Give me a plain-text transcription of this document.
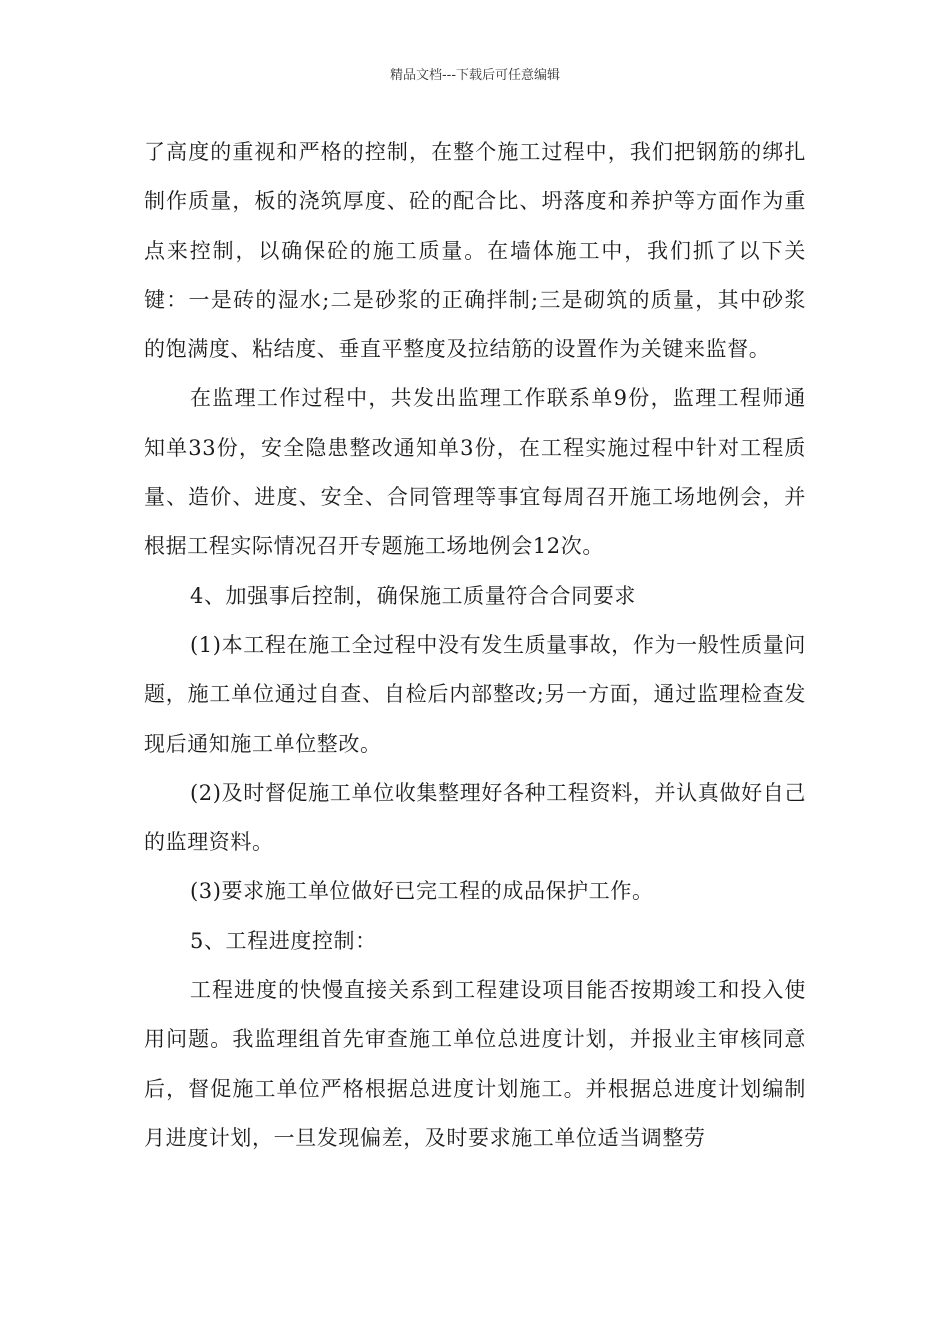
精品文档---下载后可任意编辑

了高度的重视和严格的控制，在整个施工过程中，我们把钢筋的绑扎制作质量，板的浇筑厚度、砼的配合比、坍落度和养护等方面作为重点来控制，以确保砼的施工质量。在墙体施工中，我们抓了以下关键：一是砖的湿水;二是砂浆的正确拌制;三是砌筑的质量，其中砂浆的饱满度、粘结度、垂直平整度及拉结筋的设置作为关键来监督。

在监理工作过程中，共发出监理工作联系单9份，监理工程师通知单33份，安全隐患整改通知单3份，在工程实施过程中针对工程质量、造价、进度、安全、合同管理等事宜每周召开施工场地例会，并根据工程实际情况召开专题施工场地例会12次。

4、加强事后控制，确保施工质量符合合同要求

(1)本工程在施工全过程中没有发生质量事故，作为一般性质量问题，施工单位通过自查、自检后内部整改;另一方面，通过监理检查发现后通知施工单位整改。

(2)及时督促施工单位收集整理好各种工程资料，并认真做好自己的监理资料。

(3)要求施工单位做好已完工程的成品保护工作。

5、工程进度控制：

工程进度的快慢直接关系到工程建设项目能否按期竣工和投入使用问题。我监理组首先审查施工单位总进度计划，并报业主审核同意后，督促施工单位严格根据总进度计划施工。并根据总进度计划编制月进度计划，一旦发现偏差，及时要求施工单位适当调整劳
